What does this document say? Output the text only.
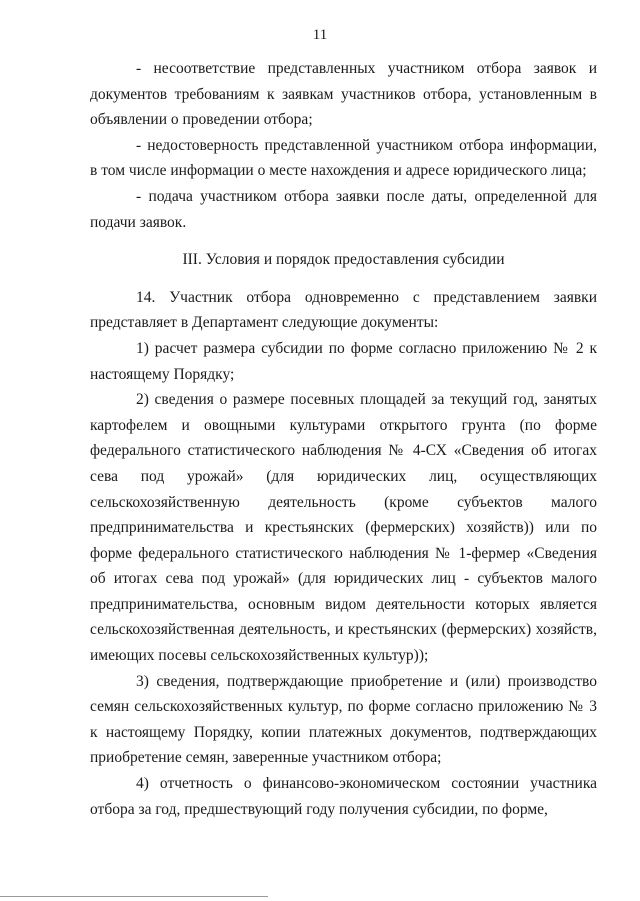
11

- несоответствие представленных участником отбора заявок и документов требованиям к заявкам участников отбора, установленным в объявлении о проведении отбора;

- недостоверность представленной участником отбора информации, в том числе информации о месте нахождения и адресе юридического лица;

- подача участником отбора заявки после даты, определенной для подачи заявок.

III. Условия и порядок предоставления субсидии

14. Участник отбора одновременно с представлением заявки представляет в Департамент следующие документы:

1) расчет размера субсидии по форме согласно приложению № 2 к настоящему Порядку;

2) сведения о размере посевных площадей за текущий год, занятых картофелем и овощными культурами открытого грунта (по форме федерального статистического наблюдения № 4-СХ «Сведения об итогах сева под урожай» (для юридических лиц, осуществляющих сельскохозяйственную деятельность (кроме субъектов малого предпринимательства и крестьянских (фермерских) хозяйств)) или по форме федерального статистического наблюдения № 1-фермер «Сведения об итогах сева под урожай» (для юридических лиц - субъектов малого предпринимательства, основным видом деятельности которых является сельскохозяйственная деятельность, и крестьянских (фермерских) хозяйств, имеющих посевы сельскохозяйственных культур));

3) сведения, подтверждающие приобретение и (или) производство семян сельскохозяйственных культур, по форме согласно приложению № 3 к настоящему Порядку, копии платежных документов, подтверждающих приобретение семян, заверенные участником отбора;

4) отчетность о финансово-экономическом состоянии участника отбора за год, предшествующий году получения субсидии, по форме,
